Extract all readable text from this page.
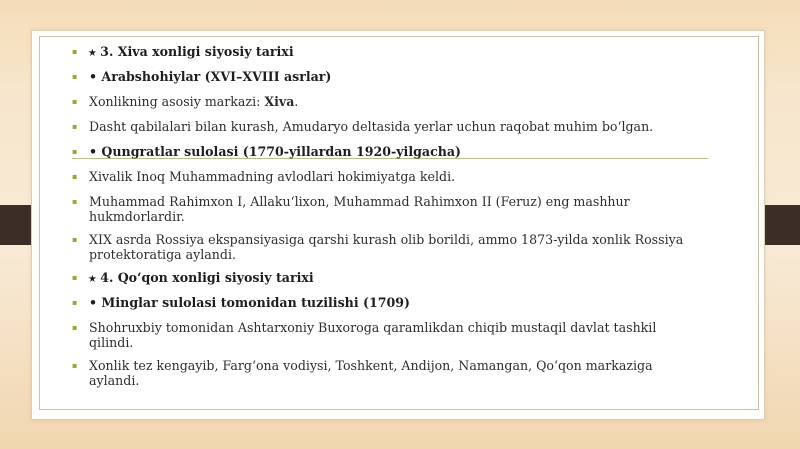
▪ ⭑ 3. Xiva xonligi siyosiy tarixi
▪ • Arabshohiylar (XVI–XVIII asrlar)
▪ Xonlikning asosiy markazi: Xiva.
▪ Dasht qabilalari bilan kurash, Amudaryo deltasida yerlar uchun raqobat muhim bo‘lgan.
▪ • Qungratlar sulolasi (1770-yillardan 1920-yilgacha)
▪ Xivalik Inoq Muhammadning avlodlari hokimiyatga keldi.
▪ Muhammad Rahimxon I, Allaku‘lixon, Muhammad Rahimxon II (Feruz) eng mashhur hukmdorlardir.
▪ XIX asrda Rossiya ekspansiyasiga qarshi kurash olib borildi, ammo 1873-yilda xonlik Rossiya protektoratiga aylandi.
▪ ⭑ 4. Qo‘qon xonligi siyosiy tarixi
▪ • Minglar sulolasi tomonidan tuzilishi (1709)
▪ Shohruxbiy tomonidan Ashtarxoniy Buxoroga qaramlikdan chiqib mustaqil davlat tashkil qilindi.
▪ Xonlik tez kengayib, Farg‘ona vodiysi, Toshkent, Andijon, Namangan, Qo‘qon markaziga aylandi.
